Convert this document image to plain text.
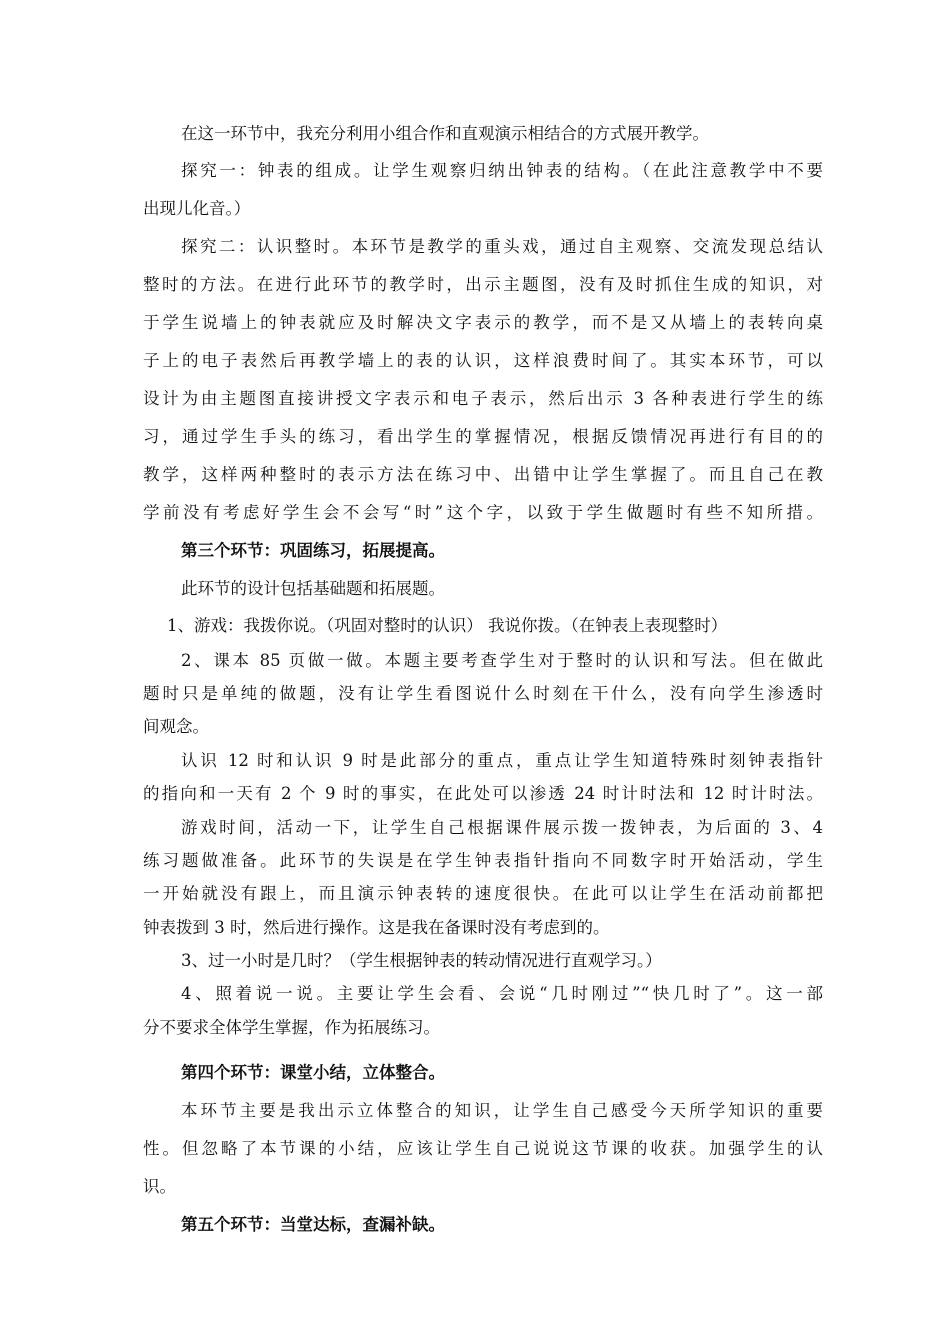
在这一环节中，我充分利用小组合作和直观演示相结合的方式展开教学。
探究一：钟表的组成。让学生观察归纳出钟表的结构。（在此注意教学中不要
出现儿化音。）
探究二：认识整时。本环节是教学的重头戏，通过自主观察、交流发现总结认
整时的方法。在进行此环节的教学时，出示主题图，没有及时抓住生成的知识，对
于学生说墙上的钟表就应及时解决文字表示的教学，而不是又从墙上的表转向桌
子上的电子表然后再教学墙上的表的认识，这样浪费时间了。其实本环节，可以
设计为由主题图直接讲授文字表示和电子表示，然后出示 3 各种表进行学生的练
习，通过学生手头的练习，看出学生的掌握情况，根据反馈情况再进行有目的的
教学，这样两种整时的表示方法在练习中、出错中让学生掌握了。而且自己在教
学前没有考虑好学生会不会写“时”这个字，以致于学生做题时有些不知所措。
第三个环节：巩固练习，拓展提高。
此环节的设计包括基础题和拓展题。
1、游戏：我拨你说。（巩固对整时的认识） 我说你拨。（在钟表上表现整时）
2、课本 85 页做一做。本题主要考查学生对于整时的认识和写法。但在做此
题时只是单纯的做题，没有让学生看图说什么时刻在干什么，没有向学生渗透时
间观念。
认识 12 时和认识 9 时是此部分的重点，重点让学生知道特殊时刻钟表指针
的指向和一天有 2 个 9 时的事实，在此处可以渗透 24 时计时法和 12 时计时法。
游戏时间，活动一下，让学生自己根据课件展示拨一拨钟表，为后面的 3、4
练习题做准备。此环节的失误是在学生钟表指针指向不同数字时开始活动，学生
一开始就没有跟上，而且演示钟表转的速度很快。在此可以让学生在活动前都把
钟表拨到 3 时，然后进行操作。这是我在备课时没有考虑到的。
3、过一小时是几时？（学生根据钟表的转动情况进行直观学习。）
4、照着说一说。主要让学生会看、会说“几时刚过”“快几时了”。这一部
分不要求全体学生掌握，作为拓展练习。
第四个环节：课堂小结，立体整合。
本环节主要是我出示立体整合的知识，让学生自己感受今天所学知识的重要
性。但忽略了本节课的小结，应该让学生自己说说这节课的收获。加强学生的认
识。
第五个环节：当堂达标，查漏补缺。
